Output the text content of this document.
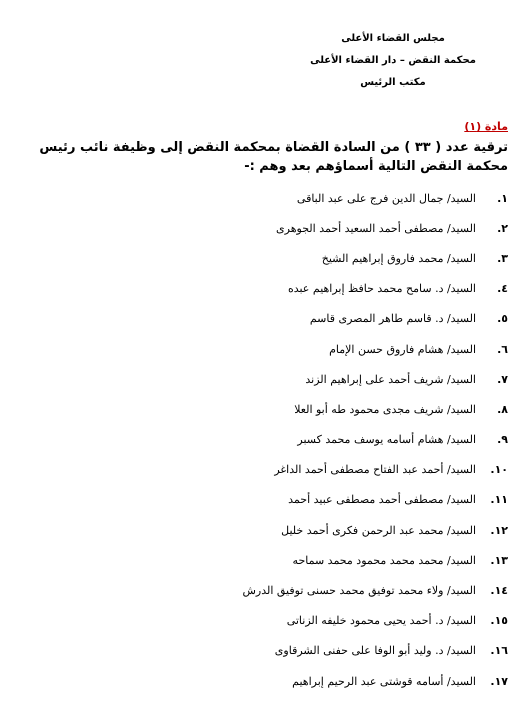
مجلس القضاء الأعلى
محكمة النقض – دار القضاء الأعلى
مكتب الرئيس
مادة (١)
ترقية عدد ( ٣٣ ) من السادة القضاة بمحكمة النقض إلى وظيفة نائب رئيس محكمة النقض التالية أسماؤهم بعد وهم :-
١.
السيد/ جمال الدين فرج على عبد الباقى
٢.
السيد/ مصطفى أحمد السعيد أحمد الجوهرى
٣.
السيد/ محمد فاروق إبراهيم الشيخ
٤.
السيد/ د. سامح محمد حافظ إبراهيم عبده
٥.
السيد/ د. قاسم طاهر المصرى قاسم
٦.
السيد/ هشام فاروق حسن الإمام
٧.
السيد/ شريف أحمد على إبراهيم الزند
٨.
السيد/ شريف مجدى محمود طه أبو العلا
٩.
السيد/ هشام أسامه يوسف محمد كسبر
١٠.
السيد/ أحمد عبد الفتاح مصطفى أحمد الداغر
١١.
السيد/ مصطفى أحمد مصطفى عبيد أحمد
١٢.
السيد/ محمد عبد الرحمن فكرى أحمد خليل
١٣.
السيد/ محمد محمد محمود محمد سماحه
١٤.
السيد/ ولاء محمد توفيق محمد حسنى توفيق الدرش
١٥.
السيد/ د. أحمد يحيى محمود خليفه الزناتى
١٦.
السيد/ د. وليد أبو الوفا على حفنى الشرقاوى
١٧.
السيد/ أسامه قوشتى عبد الرحيم إبراهيم
